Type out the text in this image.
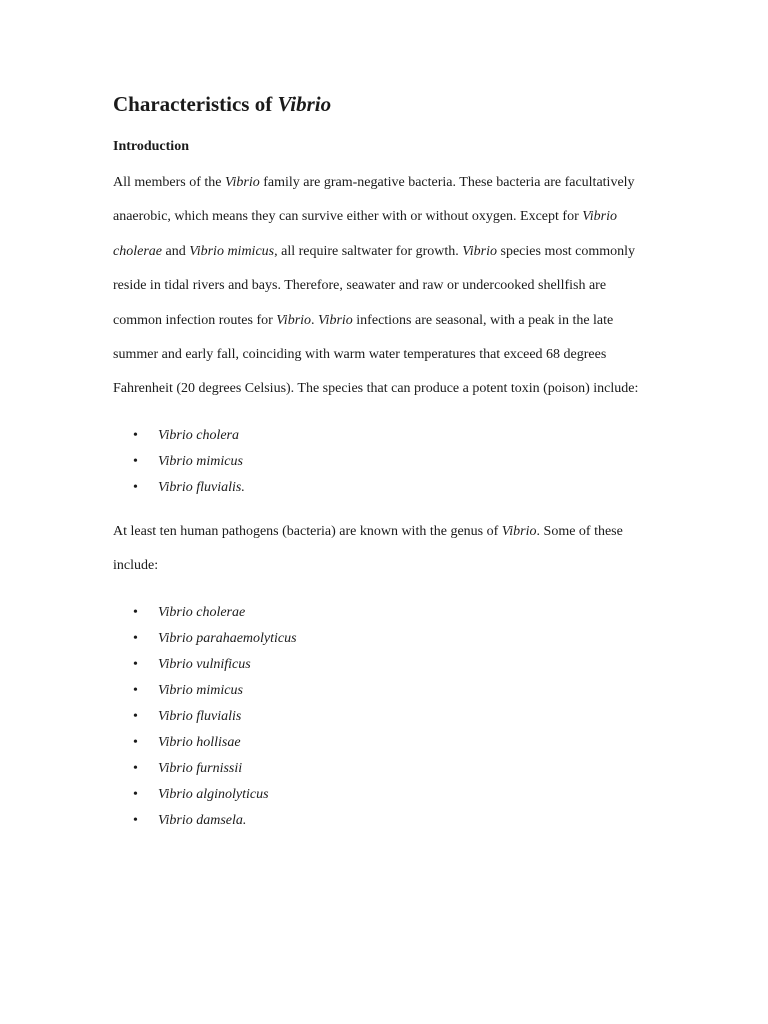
Characteristics of Vibrio
Introduction

All members of the Vibrio family are gram-negative bacteria. These bacteria are facultatively anaerobic, which means they can survive either with or without oxygen. Except for Vibrio cholerae and Vibrio mimicus, all require saltwater for growth. Vibrio species most commonly reside in tidal rivers and bays. Therefore, seawater and raw or undercooked shellfish are common infection routes for Vibrio. Vibrio infections are seasonal, with a peak in the late summer and early fall, coinciding with warm water temperatures that exceed 68 degrees Fahrenheit (20 degrees Celsius). The species that can produce a potent toxin (poison) include:

• Vibrio cholera
• Vibrio mimicus
• Vibrio fluvialis.

At least ten human pathogens (bacteria) are known with the genus of Vibrio. Some of these include:

• Vibrio cholerae
• Vibrio parahaemolyticus
• Vibrio vulnificus
• Vibrio mimicus
• Vibrio fluvialis
• Vibrio hollisae
• Vibrio furnissii
• Vibrio alginolyticus
• Vibrio damsela.
